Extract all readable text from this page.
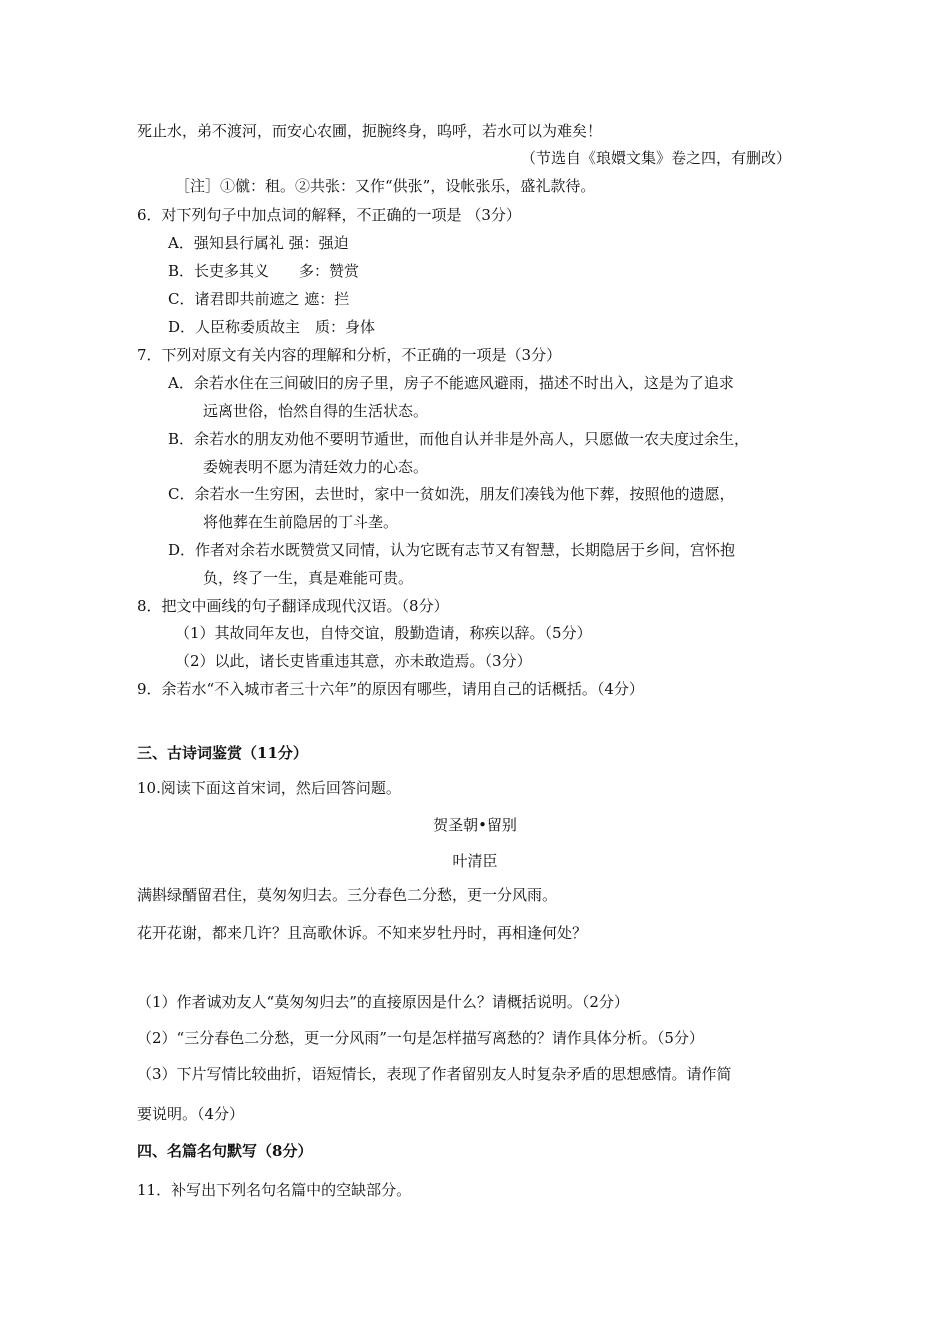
死止水，弟不渡河，而安心农圃，扼腕终身，呜呼，若水可以为难矣！
（节选自《琅嬛文集》卷之四，有删改）
［注］①僦：租。②共张：又作“供张”，设帐张乐，盛礼款待。
6．对下列句子中加点词的解释，不正确的一项是 （3分）
A．强知县行属礼 强：强迫
B．长吏多其义　　多：赞赏
C．诸君即共前遮之 遮：拦
D．人臣称委质故主　质：身体
7．下列对原文有关内容的理解和分析，不正确的一项是（3分）
A．余若水住在三间破旧的房子里，房子不能遮风避雨，描述不时出入，这是为了追求
远离世俗，怡然自得的生活状态。
B．余若水的朋友劝他不要明节遁世，而他自认并非是外高人，只愿做一农夫度过余生，
委婉表明不愿为清廷效力的心态。
C．余若水一生穷困，去世时，家中一贫如洗，朋友们凑钱为他下葬，按照他的遗愿，
将他葬在生前隐居的丁斗垄。
D．作者对余若水既赞赏又同情，认为它既有志节又有智慧，长期隐居于乡间，宫怀抱
负，终了一生，真是难能可贵。
8．把文中画线的句子翻译成现代汉语。（8分）
（1）其故同年友也，自恃交谊，殷勤造请，称疾以辞。（5分）
（2）以此，诸长吏皆重违其意，亦未敢造焉。（3分）
9．余若水“不入城市者三十六年”的原因有哪些，请用自己的话概括。（4分）
三、古诗词鉴赏（11分）
10.阅读下面这首宋词，然后回答问题。
贺圣朝•留别
叶清臣
满斟绿醑留君住，莫匆匆归去。三分春色二分愁，更一分风雨。
花开花谢，都来几许？且高歌休诉。不知来岁牡丹时，再相逢何处？
（1）作者诚劝友人“莫匆匆归去”的直接原因是什么？请概括说明。（2分）
（2）“三分春色二分愁，更一分风雨”一句是怎样描写离愁的？请作具体分析。（5分）
（3）下片写情比较曲折，语短情长，表现了作者留别友人时复杂矛盾的思想感情。请作简
要说明。（4分）
四、名篇名句默写（8分）
11．补写出下列名句名篇中的空缺部分。
